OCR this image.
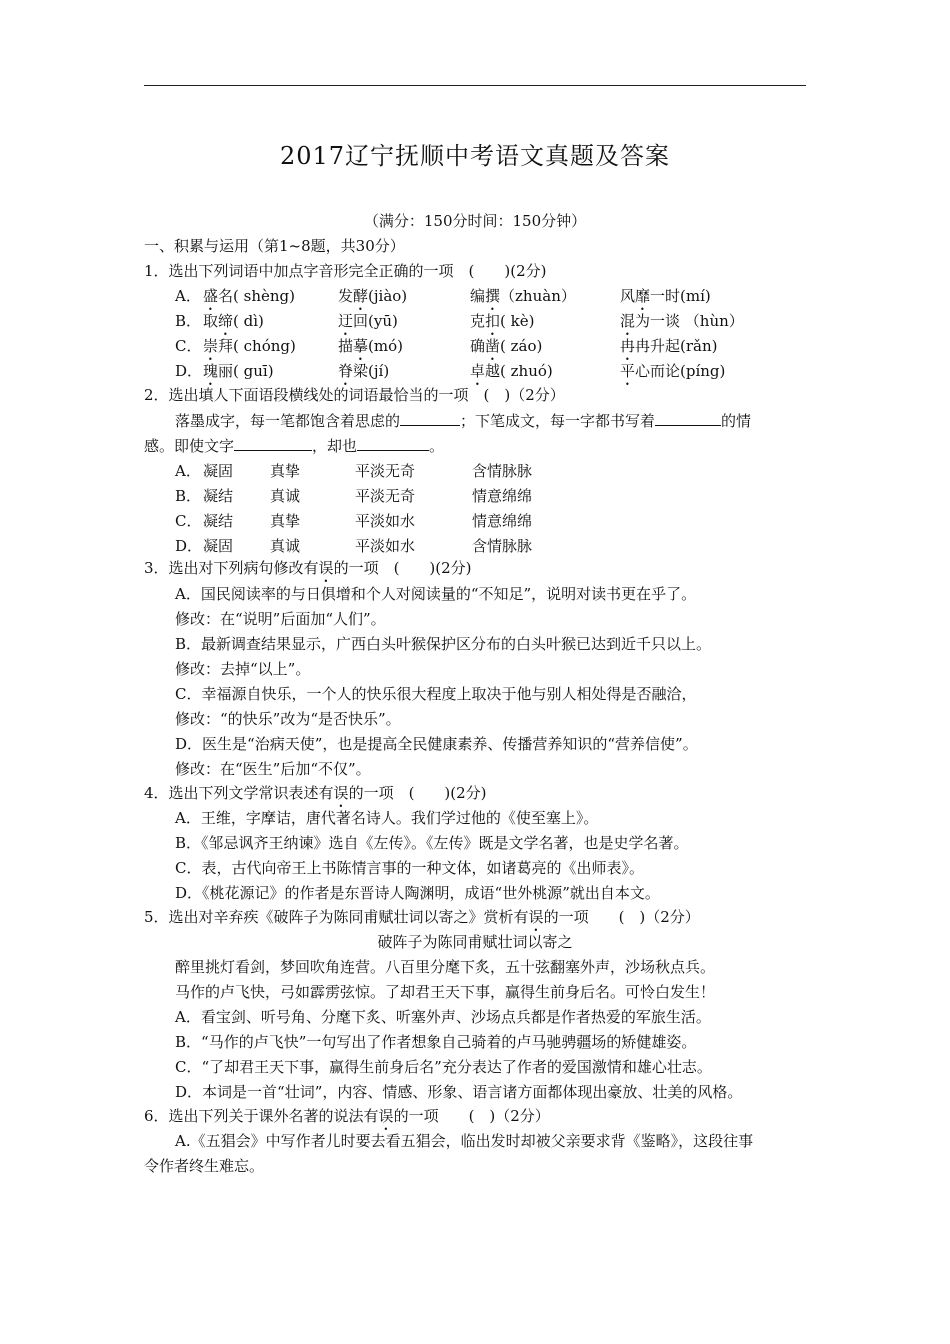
2017辽宁抚顺中考语文真题及答案
（满分：150分时间：150分钟）
一、积累与运用（第1~8题，共30分）
1．选出下列词语中加点字音形完全正确的一项　(　　)(2分)
A． 盛名( shèng)	发酵(jiào)	编撰（zhuàn）	风靡一时(mí)
B． 取缔( dì)	迂回(yū)	克扣( kè)	混为一谈 （hùn）
C． 崇拜( chóng)	描摹(mó)	确凿( záo)	冉冉升起(rǎn)
D． 瑰丽( guī)	脊梁(jí)	卓越( zhuó)	平心而论(píng)
2．选出填人下面语段横线处的词语最恰当的一项　(　)（2分）
落墨成字，每一笔都饱含着思虑的	；下笔成文，每一字都书写着	的情
感。即使文字	，却也	。
A． 凝固 真挚	平淡无奇	含情脉脉
B． 凝结 真诚	平淡无奇	情意绵绵
C． 凝结 真挚	平淡如水	情意绵绵
D． 凝固 真诚	平淡如水	含情脉脉
3．选出对下列病句修改有误的一项　(　　)(2分)
A．国民阅读率的与日俱增和个人对阅读量的“不知足”，说明对读书更在乎了。
修改：在“说明”后面加“人们”。
B．最新调查结果显示，广西白头叶猴保护区分布的白头叶猴已达到近千只以上。
修改：去掉“以上”。
C．幸福源自快乐，一个人的快乐很大程度上取决于他与别人相处得是否融洽，
修改：“的快乐”改为“是否快乐”。
D．医生是“治病天使”，也是提高全民健康素养、传播营养知识的“营养信使”。
修改：在“医生”后加“不仅”。
4．选出下列文学常识表述有误的一项　(　　)(2分)
A．王维，字摩诘，唐代著名诗人。我们学过他的《使至塞上》。
B．《邹忌讽齐王纳谏》选自《左传》。《左传》既是文学名著，也是史学名著。
C．表，古代向帝王上书陈情言事的一种文体，如诸葛亮的《出师表》。
D．《桃花源记》的作者是东晋诗人陶渊明，成语“世外桃源”就出自本文。
5．选出对辛弃疾《破阵子为陈同甫赋壮词以寄之》赏析有误的一项　　(　)（2分）
破阵子为陈同甫赋壮词以寄之
醉里挑灯看剑，梦回吹角连营。八百里分麾下炙，五十弦翻塞外声，沙场秋点兵。
马作的卢飞快，弓如霹雳弦惊。了却君王天下事，赢得生前身后名。可怜白发生！
A．看宝剑、听号角、分麾下炙、听塞外声、沙场点兵都是作者热爱的军旅生活。
B．“马作的卢飞快”一句写出了作者想象自己骑着的卢马驰骋疆场的矫健雄姿。
C．“了却君王天下事，赢得生前身后名”充分表达了作者的爱国激情和雄心壮志。
D．本词是一首“壮词”，内容、情感、形象、语言诸方面都体现出豪放、壮美的风格。
6．选出下列关于课外名著的说法有误的一项　　(　)（2分）
A.《五猖会》中写作者儿时要去看五猖会，临出发时却被父亲要求背《鉴略》，这段往事
令作者终生难忘。
